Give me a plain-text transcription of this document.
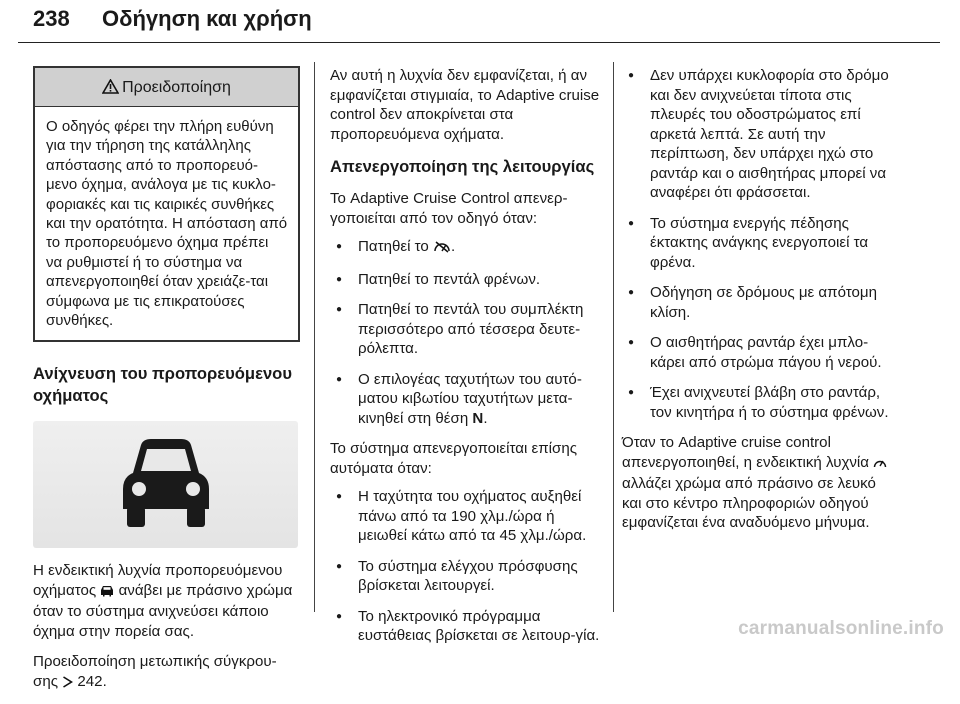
238 Οδήγηση και χρήση
Προειδοποίηση
Ο οδηγός φέρει την πλήρη ευθύνη για την τήρηση της κατάλληλης απόστασης από το προπορευό-μενο όχημα, ανάλογα με τις κυκλο-φοριακές και τις καιρικές συνθήκες και την ορατότητα. Η απόσταση από το προπορευόμενο όχημα πρέπει να ρυθμιστεί ή το σύστημα να απενεργοποιηθεί όταν χρειάζε-ται σύμφωνα με τις επικρατούσες συνθήκες.
Ανίχνευση του προπορευόμενου οχήματος

Η ενδεικτική λυχνία προπορευόμενου οχήματος ανάβει με πράσινο χρώμα όταν το σύστημα ανιχνεύσει κάποιο όχημα στην πορεία σας.

Προειδοποίηση μετωπικής σύγκρου-σης 242.

Αν αυτή η λυχνία δεν εμφανίζεται, ή αν εμφανίζεται στιγμιαία, το Adaptive cruise control δεν αποκρίνεται στα προπορευόμενα οχήματα.

Απενεργοποίηση της λειτουργίας

Το Adaptive Cruise Control απενερ-γοποιείται από τον οδηγό όταν:

● Πατηθεί το .
● Πατηθεί το πεντάλ φρένων.
● Πατηθεί το πεντάλ του συμπλέκτη περισσότερο από τέσσερα δευτε-ρόλεπτα.
● Ο επιλογέας ταχυτήτων του αυτό-ματου κιβωτίου ταχυτήτων μετα-κινηθεί στη θέση N.

Το σύστημα απενεργοποιείται επίσης αυτόματα όταν:

● Η ταχύτητα του οχήματος αυξηθεί πάνω από τα 190 χλμ./ώρα ή μειωθεί κάτω από τα 45 χλμ./ώρα.
● Το σύστημα ελέγχου πρόσφυσης βρίσκεται λειτουργεί.
● Το ηλεκτρονικό πρόγραμμα ευστάθειας βρίσκεται σε λειτουρ-γία.
● Δεν υπάρχει κυκλοφορία στο δρόμο και δεν ανιχνεύεται τίποτα στις πλευρές του οδοστρώματος επί αρκετά λεπτά. Σε αυτή την περίπτωση, δεν υπάρχει ηχώ στο ραντάρ και ο αισθητήρας μπορεί να αναφέρει ότι φράσσεται.
● Το σύστημα ενεργής πέδησης έκτακτης ανάγκης ενεργοποιεί τα φρένα.
● Οδήγηση σε δρόμους με απότομη κλίση.
● Ο αισθητήρας ραντάρ έχει μπλο-κάρει από στρώμα πάγου ή νερού.
● Έχει ανιχνευτεί βλάβη στο ραντάρ, τον κινητήρα ή το σύστημα φρένων.

Όταν το Adaptive cruise control απενεργοποιηθεί, η ενδεικτική λυχνία  αλλάζει χρώμα από πράσινο σε λευκό και στο κέντρο πληροφοριών οδηγού εμφανίζεται ένα αναδυόμενο μήνυμα.

carmanualsonline.info
